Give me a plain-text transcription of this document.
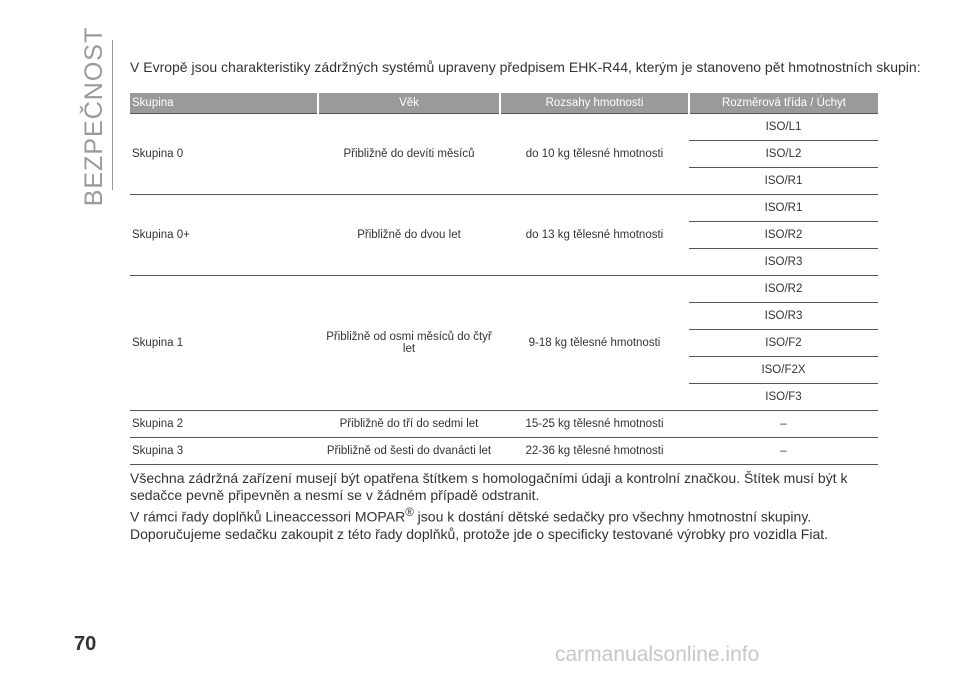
BEZPEČNOST V Evropě jsou charakteristiky zádržných systémů upraveny předpisem EHK-R44, kterým je stanoveno pět hmotnostních skupin:
Skupina	Věk	Rozsahy hmotnosti	Rozměrová třída / Úchyt
Skupina 0	Přibližně do devíti měsíců	do 10 kg tělesné hmotnosti	ISO/L1
			ISO/L2
			ISO/R1
Skupina 0+	Přibližně do dvou let	do 13 kg tělesné hmotnosti	ISO/R1
			ISO/R2
			ISO/R3
Skupina 1	Přibližně od osmi měsíců do čtyř let	9-18 kg tělesné hmotnosti	ISO/R2
			ISO/R3
			ISO/F2
			ISO/F2X
			ISO/F3
Skupina 2	Přibližně do tří do sedmi let	15-25 kg tělesné hmotnosti	–
Skupina 3	Přibližně od šesti do dvanácti let	22-36 kg tělesné hmotnosti	–

Všechna zádržná zařízení musejí být opatřena štítkem s homologačními údaji a kontrolní značkou. Štítek musí být k sedačce pevně připevněn a nesmí se v žádném případě odstranit.

V rámci řady doplňků Lineaccessori MOPAR® jsou k dostání dětské sedačky pro všechny hmotnostní skupiny. Doporučujeme sedačku zakoupit z této řady doplňků, protože jde o specificky testované výrobky pro vozidla Fiat.

70	carmanualsonline.info
